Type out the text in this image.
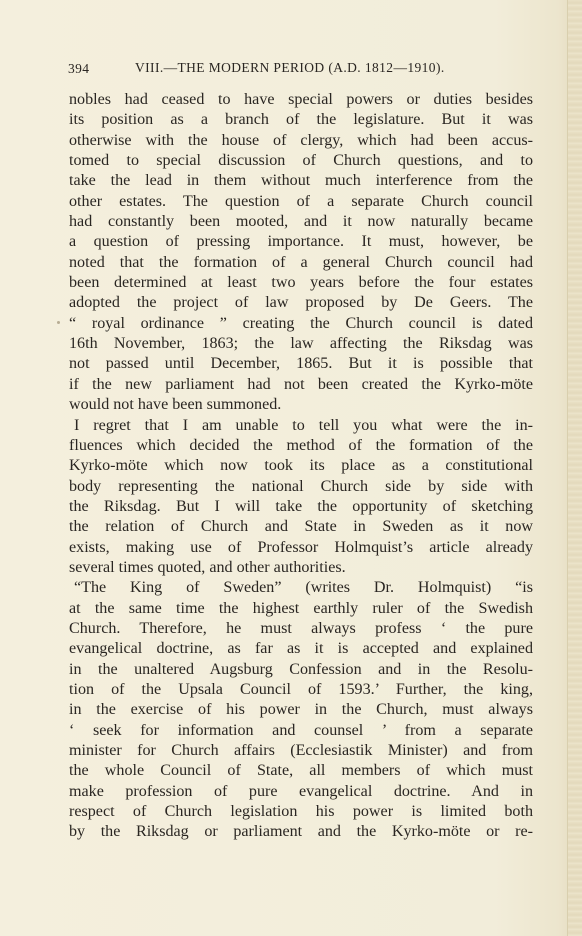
394	VIII.—THE MODERN PERIOD (A.D. 1812—1910).

nobles had ceased to have special powers or duties besides

its position as a branch of the legislature. But it was

otherwise with the house of clergy, which had been accus-

tomed to special discussion of Church questions, and to

take the lead in them without much interference from the

other estates. The question of a separate Church council

had constantly been mooted, and it now naturally became

a question of pressing importance. It must, however, be

noted that the formation of a general Church council had

been determined at least two years before the four estates

adopted the project of law proposed by De Geers. The

“ royal ordinance ” creating the Church council is dated

16th November, 1863; the law affecting the Riksdag was

not passed until December, 1865. But it is possible that

if the new parliament had not been created the Kyrko-möte

would not have been summoned.

I regret that I am unable to tell you what were the in-

fluences which decided the method of the formation of the

Kyrko-möte which now took its place as a constitutional

body representing the national Church side by side with

the Riksdag. But I will take the opportunity of sketching

the relation of Church and State in Sweden as it now

exists, making use of Professor Holmquist’s article already

several times quoted, and other authorities.

“The King of Sweden” (writes Dr. Holmquist) “is

at the same time the highest earthly ruler of the Swedish

Church. Therefore, he must always profess ‘ the pure

evangelical doctrine, as far as it is accepted and explained

in the unaltered Augsburg Confession and in the Resolu-

tion of the Upsala Council of 1593.’ Further, the king,

in the exercise of his power in the Church, must always

‘ seek for information and counsel ’ from a separate

minister for Church affairs (Ecclesiastik Minister) and from

the whole Council of State, all members of which must

make profession of pure evangelical doctrine. And in

respect of Church legislation his power is limited both

by the Riksdag or parliament and the Kyrko-möte or re-
